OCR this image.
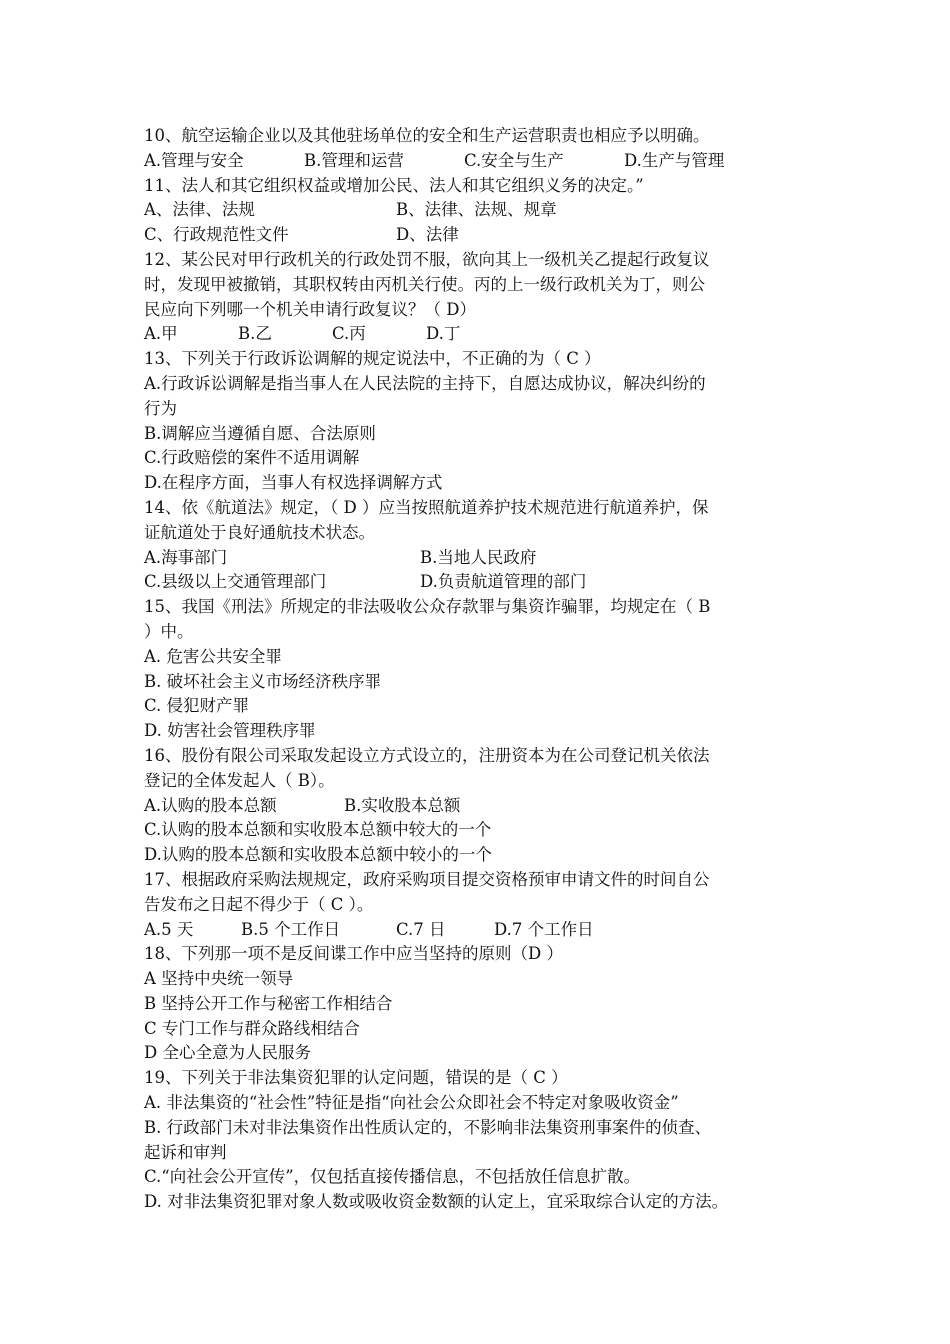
10、航空运输企业以及其他驻场单位的安全和生产运营职责也相应予以明确。
A.管理与安全	B.管理和运营	C.安全与生产	D.生产与管理
11、法人和其它组织权益或增加公民、法人和其它组织义务的决定。”
A、法律、法规	B、法律、法规、规章
C、行政规范性文件	D、法律
12、某公民对甲行政机关的行政处罚不服，欲向其上一级机关乙提起行政复议
时，发现甲被撤销，其职权转由丙机关行使。丙的上一级行政机关为丁，则公
民应向下列哪一个机关申请行政复议？（ D）
A.甲	B.乙	C.丙	D.丁
13、下列关于行政诉讼调解的规定说法中，不正确的为（ C ）
A.行政诉讼调解是指当事人在人民法院的主持下，自愿达成协议，解决纠纷的
行为
B.调解应当遵循自愿、合法原则
C.行政赔偿的案件不适用调解
D.在程序方面，当事人有权选择调解方式
14、依《航道法》规定，（ D ）应当按照航道养护技术规范进行航道养护，保
证航道处于良好通航技术状态。
A.海事部门	B.当地人民政府
C.县级以上交通管理部门	D.负责航道管理的部门
15、我国《刑法》所规定的非法吸收公众存款罪与集资诈骗罪，均规定在（ B
）中。
A. 危害公共安全罪
B. 破坏社会主义市场经济秩序罪
C. 侵犯财产罪
D. 妨害社会管理秩序罪
16、股份有限公司采取发起设立方式设立的，注册资本为在公司登记机关依法
登记的全体发起人（ B）。
A.认购的股本总额	B.实收股本总额
C.认购的股本总额和实收股本总额中较大的一个
D.认购的股本总额和实收股本总额中较小的一个
17、根据政府采购法规规定，政府采购项目提交资格预审申请文件的时间自公
告发布之日起不得少于（ C ）。
A.5 天	B.5 个工作日	C.7 日	D.7 个工作日
18、下列那一项不是反间谍工作中应当坚持的原则（D ）
A 坚持中央统一领导
B 坚持公开工作与秘密工作相结合
C 专门工作与群众路线相结合
D 全心全意为人民服务
19、下列关于非法集资犯罪的认定问题，错误的是（ C ）
A. 非法集资的“社会性”特征是指“向社会公众即社会不特定对象吸收资金”
B. 行政部门未对非法集资作出性质认定的，不影响非法集资刑事案件的侦查、
起诉和审判
C.“向社会公开宣传”，仅包括直接传播信息，不包括放任信息扩散。
D. 对非法集资犯罪对象人数或吸收资金数额的认定上，宜采取综合认定的方法。
